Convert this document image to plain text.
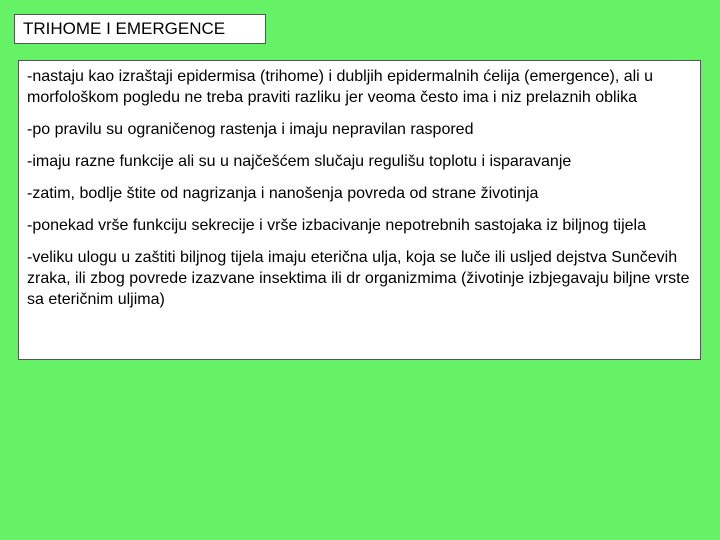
TRIHOME I EMERGENCE

-nastaju kao izraštaji epidermisa (trihome) i dubljih epidermalnih ćelija (emergence), ali u morfološkom pogledu ne treba praviti razliku jer veoma često ima i niz prelaznih oblika

-po pravilu su ograničenog rastenja i imaju nepravilan raspored

-imaju razne funkcije ali su u najčešćem slučaju regulišu toplotu i isparavanje

-zatim, bodlje štite od nagrizanja i nanošenja povreda od strane životinja

-ponekad vrše funkciju sekrecije i vrše izbacivanje nepotrebnih sastojaka iz biljnog tijela

-veliku ulogu u zaštiti biljnog tijela imaju eterična ulja, koja se luče ili usljed dejstva Sunčevih zraka, ili zbog povrede izazvane insektima ili dr organizmima (životinje izbjegavaju biljne vrste sa eteričnim uljima)
